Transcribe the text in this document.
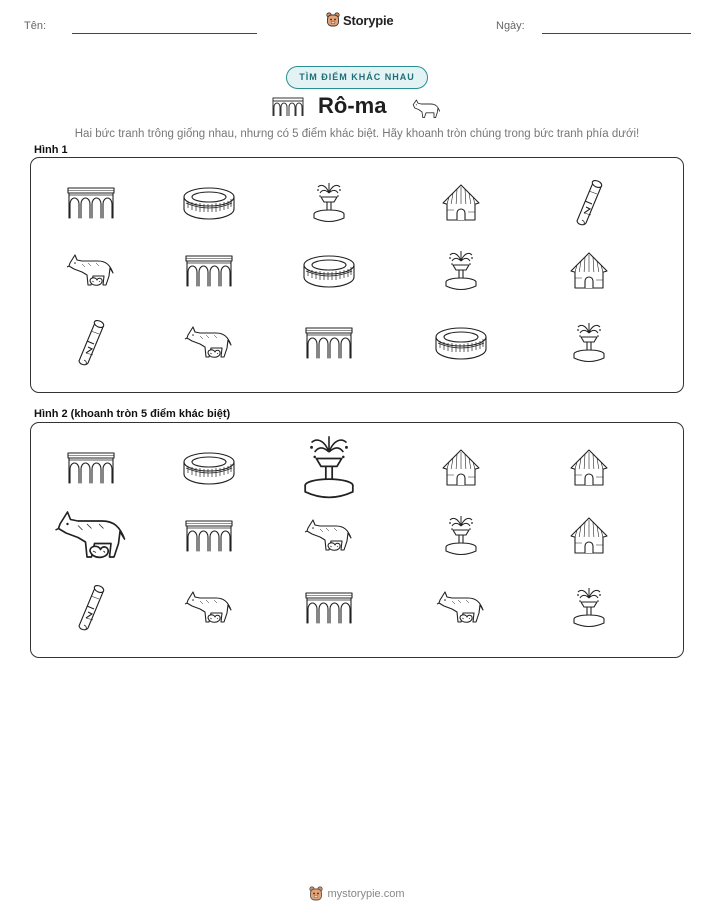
Tên:	Storypie	Ngày:
TÌM ĐIỂM KHÁC NHAU
Rô-ma
Hai bức tranh trông giống nhau, nhưng có 5 điểm khác biệt. Hãy khoanh tròn chúng trong bức tranh phía dưới!
Hình 1
Hình 2 (khoanh tròn 5 điểm khác biệt)
mystorypie.com
